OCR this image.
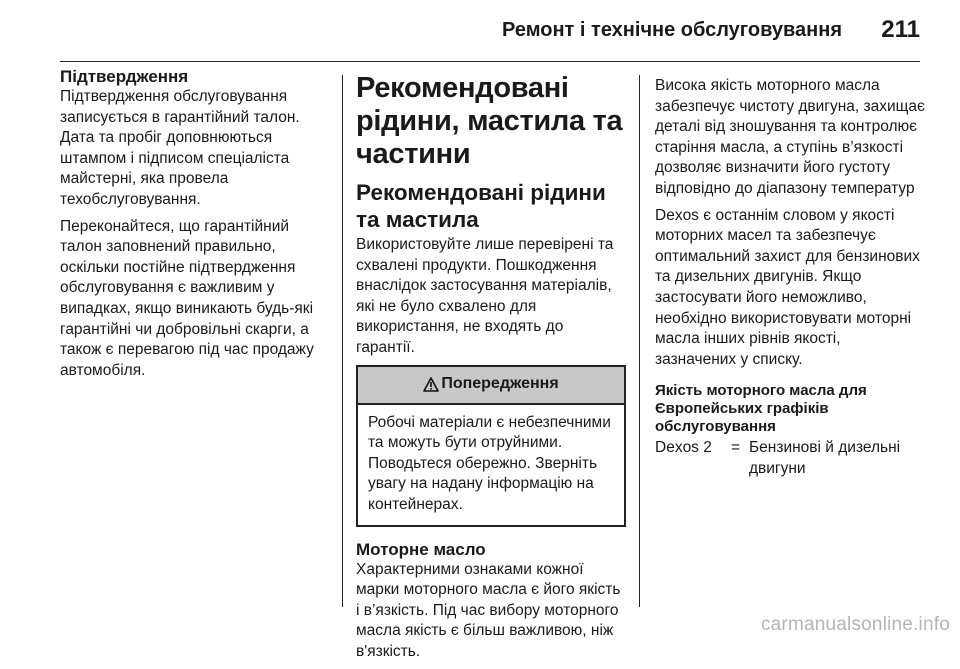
Ремонт і технічне обслуговування 211
Підтвердження

Підтвердження обслуговування записується в гарантійний талон. Дата та пробіг доповнюються штампом і підписом спеціаліста майстерні, яка провела техобслуговування.

Переконайтеся, що гарантійний талон заповнений правильно, оскільки постійне підтвердження обслуговування є важливим у випадках, якщо виникають будь-які гарантійні чи добровільні скарги, а також є перевагою під час продажу автомобіля.

Рекомендовані рідини, мастила та частини
Рекомендовані рідини та мастила

Використовуйте лише перевірені та схвалені продукти. Пошкодження внаслідок застосування матеріалів, які не було схвалено для використання, не входять до гарантії.

Попередження
Робочі матеріали є небезпечними та можуть бути отруйними. Поводьтеся обережно. Зверніть увагу на надану інформацію на контейнерах.
Моторне масло

Характерними ознаками кожної марки моторного масла є його якість і в’язкість. Під час вибору моторного масла якість є більш важливою, ніж в'язкість.

Висока якість моторного масла забезпечує чистоту двигуна, захищає деталі від зношування та контролює старіння масла, а ступінь в’язкості дозволяє визначити його густоту відповідно до діапазону температур

Dexos є останнім словом у якості моторних масел та забезпечує оптимальний захист для бензинових та дизельних двигунів. Якщо застосувати його неможливо, необхідно використовувати моторні масла інших рівнів якості, зазначених у списку.

Якість моторного масла для Європейських графіків обслуговування
Dexos 2	= Бензинові й дизельні двигуни
carmanualsonline.info
